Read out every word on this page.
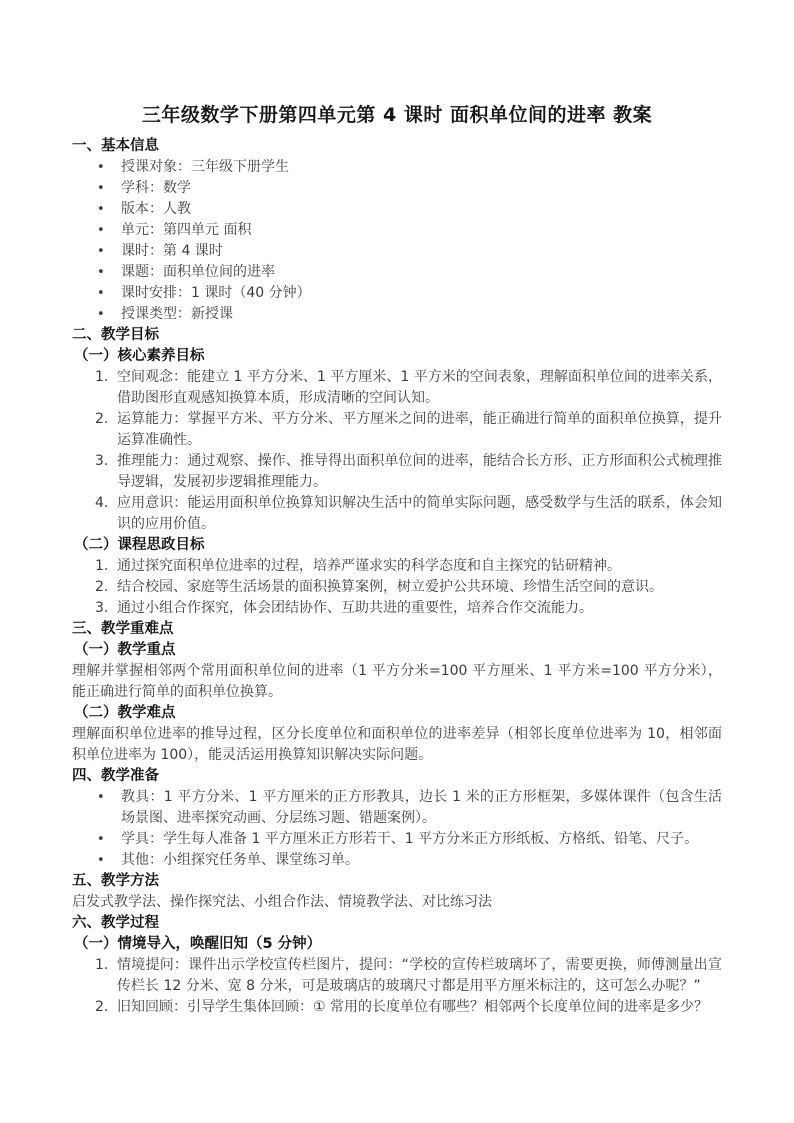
三年级数学下册第四单元第 4 课时 面积单位间的进率 教案
一、基本信息
• 授课对象：三年级下册学生
• 学科：数学
• 版本：人教
• 单元：第四单元 面积
• 课时：第 4 课时
• 课题：面积单位间的进率
• 课时安排：1 课时（40 分钟）
• 授课类型：新授课
二、教学目标
（一）核心素养目标
1. 空间观念：能建立 1 平方分米、1 平方厘米、1 平方米的空间表象，理解面积单位间的进率关系，借助图形直观感知换算本质，形成清晰的空间认知。
2. 运算能力：掌握平方米、平方分米、平方厘米之间的进率，能正确进行简单的面积单位换算，提升运算准确性。
3. 推理能力：通过观察、操作、推导得出面积单位间的进率，能结合长方形、正方形面积公式梳理推导逻辑，发展初步逻辑推理能力。
4. 应用意识：能运用面积单位换算知识解决生活中的简单实际问题，感受数学与生活的联系，体会知识的应用价值。
（二）课程思政目标
1. 通过探究面积单位进率的过程，培养严谨求实的科学态度和自主探究的钻研精神。
2. 结合校园、家庭等生活场景的面积换算案例，树立爱护公共环境、珍惜生活空间的意识。
3. 通过小组合作探究，体会团结协作、互助共进的重要性，培养合作交流能力。
三、教学重难点
（一）教学重点
理解并掌握相邻两个常用面积单位间的进率（1 平方分米=100 平方厘米、1 平方米=100 平方分米），能正确进行简单的面积单位换算。
（二）教学难点
理解面积单位进率的推导过程，区分长度单位和面积单位的进率差异（相邻长度单位进率为 10，相邻面积单位进率为 100），能灵活运用换算知识解决实际问题。
四、教学准备
• 教具：1 平方分米、1 平方厘米的正方形教具，边长 1 米的正方形框架，多媒体课件（包含生活场景图、进率探究动画、分层练习题、错题案例）。
• 学具：学生每人准备 1 平方厘米正方形若干、1 平方分米正方形纸板、方格纸、铅笔、尺子。
• 其他：小组探究任务单、课堂练习单。
五、教学方法
启发式教学法、操作探究法、小组合作法、情境教学法、对比练习法
六、教学过程
（一）情境导入，唤醒旧知（5 分钟）
1. 情境提问：课件出示学校宣传栏图片，提问：“学校的宣传栏玻璃坏了，需要更换，师傅测量出宣传栏长 12 分米、宽 8 分米，可是玻璃店的玻璃尺寸都是用平方厘米标注的，这可怎么办呢？”
2. 旧知回顾：引导学生集体回顾：① 常用的长度单位有哪些？相邻两个长度单位间的进率是多少？
